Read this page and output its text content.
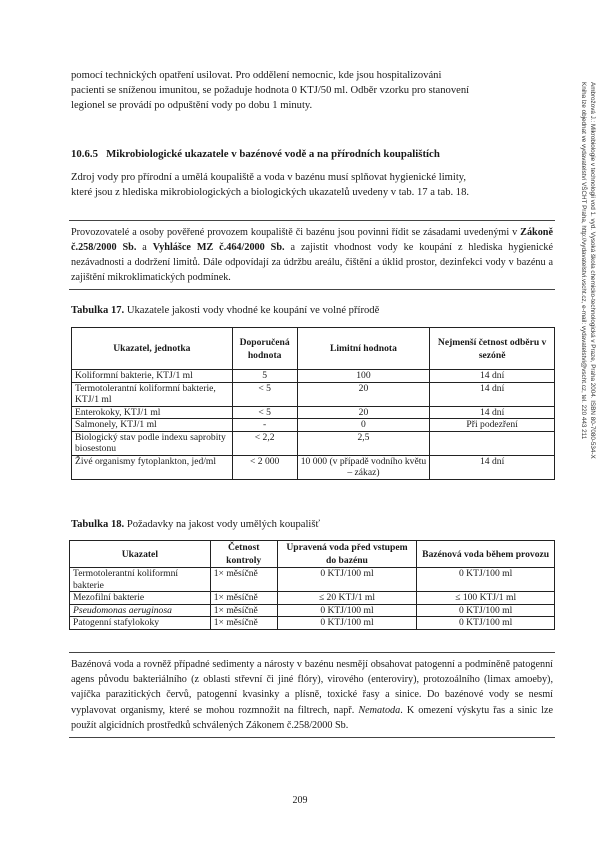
pomocí technických opatření usilovat. Pro oddělení nemocnic, kde jsou hospitalizováni
pacienti se sníženou imunitou, se požaduje hodnota 0 KTJ/50 ml. Odběr vzorku pro stanovení
legionel se provádí po odpuštění vody po dobu 1 minuty.
10.6.5 Mikrobiologické ukazatele v bazénové vodě a na přírodních koupalištích
Zdroj vody pro přírodní a umělá koupaliště a voda v bazénu musí splňovat hygienické limity,
které jsou z hlediska mikrobiologických a biologických ukazatelů uvedeny v tab. 17 a tab. 18.
Provozovatelé a osoby pověřené provozem koupaliště či bazénu jsou povinni řídit se zásadami uvedenými v Zákoně č.258/2000 Sb. a Vyhlášce MZ č.464/2000 Sb. a zajistit vhodnost vody ke koupání z hlediska hygienické nezávadnosti a dodržení limitů. Dále odpovídají za údržbu areálu, čištění a úklid prostor, dezinfekci vody v bazénu a zajištění mikroklimatických podmínek.
Tabulka 17. Ukazatele jakosti vody vhodné ke koupání ve volné přírodě
Ukazatel, jednotka	Doporučená hodnota	Limitní hodnota	Nejmenší četnost odběru v sezóně
Koliformní bakterie, KTJ/1 ml	5	100	14 dní
Termotolerantní koliformní bakterie, KTJ/1 ml	< 5	20	14 dní
Enterokoky, KTJ/1 ml	< 5	20	14 dní
Salmonely, KTJ/1 ml	-	0	Při podezření
Biologický stav podle indexu saprobity biosestonu	< 2,2	2,5	
Živé organismy fytoplankton, jed/ml	< 2 000	10 000 (v případě vodního květu – zákaz)	14 dní
Tabulka 18. Požadavky na jakost vody umělých koupališť
Ukazatel	Četnost kontroly	Upravená voda před vstupem do bazénu	Bazénová voda během provozu
Termotolerantní koliformní bakterie	1× měsíčně	0 KTJ/100 ml	0 KTJ/100 ml
Mezofilní bakterie	1× měsíčně	≤ 20 KTJ/1 ml	≤ 100 KTJ/1 ml
Pseudomonas aeruginosa	1× měsíčně	0 KTJ/100 ml	0 KTJ/100 ml
Patogenní stafylokoky	1× měsíčně	0 KTJ/100 ml	0 KTJ/100 ml
Bazénová voda a rovněž případné sedimenty a nárosty v bazénu nesmějí obsahovat patogenní a podmíněně patogenní agens původu bakteriálního (z oblasti střevní či jiné flóry), virového (enteroviry), protozoálního (limax amoeby), vajíčka parazitických červů, patogenní kvasinky a plísně, toxické řasy a sinice. Do bazénové vody se nesmí vyplavovat organismy, které se mohou rozmnožit na filtrech, např. Nematoda. K omezení výskytu řas a sinic lze použít algicidních prostředků schválených Zákonem č.258/2000 Sb.
Ambrožová J.: Mikrobiologie v technologii vod 1. vyd. Vysoká škola chemicko-technologická v Praze, Praha 2004. ISBN 80-7080-534-X
Kniha lze objednat ve vydavatelství VŠCHT Praha, http://vydavatelstvi.vscht.cz, e-mail: vydavatelstvi@vscht.cz, tel. 220 443 211
209
